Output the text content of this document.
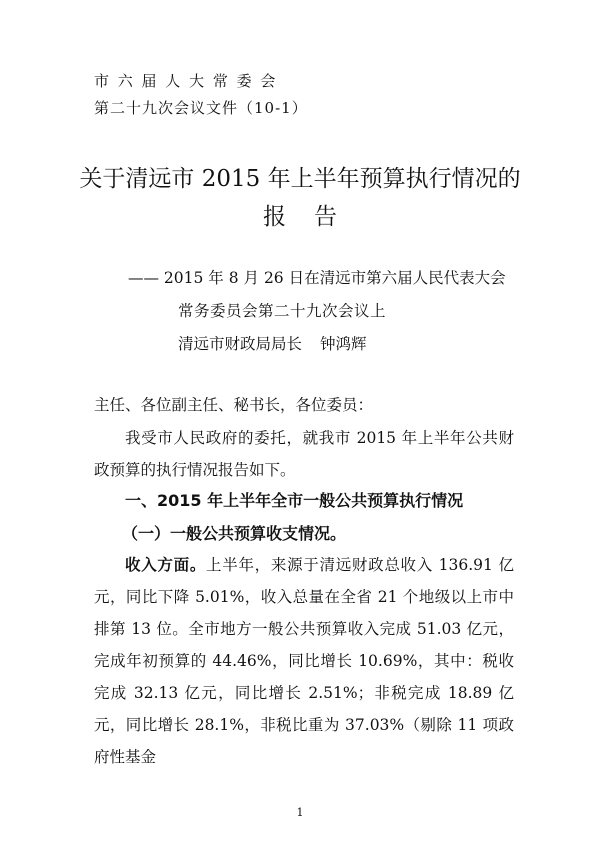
市 六 届 人 大 常 委 会
第二十九次会议文件（10-1）
关于清远市 2015 年上半年预算执行情况的
报告
—— 2015 年 8 月 26 日在清远市第六届人民代表大会
常务委员会第二十九次会议上
清远市财政局局长 钟鸿辉
主任、各位副主任、秘书长，各位委员：
我受市人民政府的委托，就我市 2015 年上半年公共财政预算的执行情况报告如下。
一、2015 年上半年全市一般公共预算执行情况
（一）一般公共预算收支情况。
收入方面。上半年，来源于清远财政总收入 136.91 亿元，同比下降 5.01%，收入总量在全省 21 个地级以上市中排第 13 位。全市地方一般公共预算收入完成 51.03 亿元，完成年初预算的 44.46%，同比增长 10.69%，其中：税收完成 32.13 亿元，同比增长 2.51%；非税完成 18.89 亿元，同比增长 28.1%，非税比重为 37.03%（剔除 11 项政府性基金
1
